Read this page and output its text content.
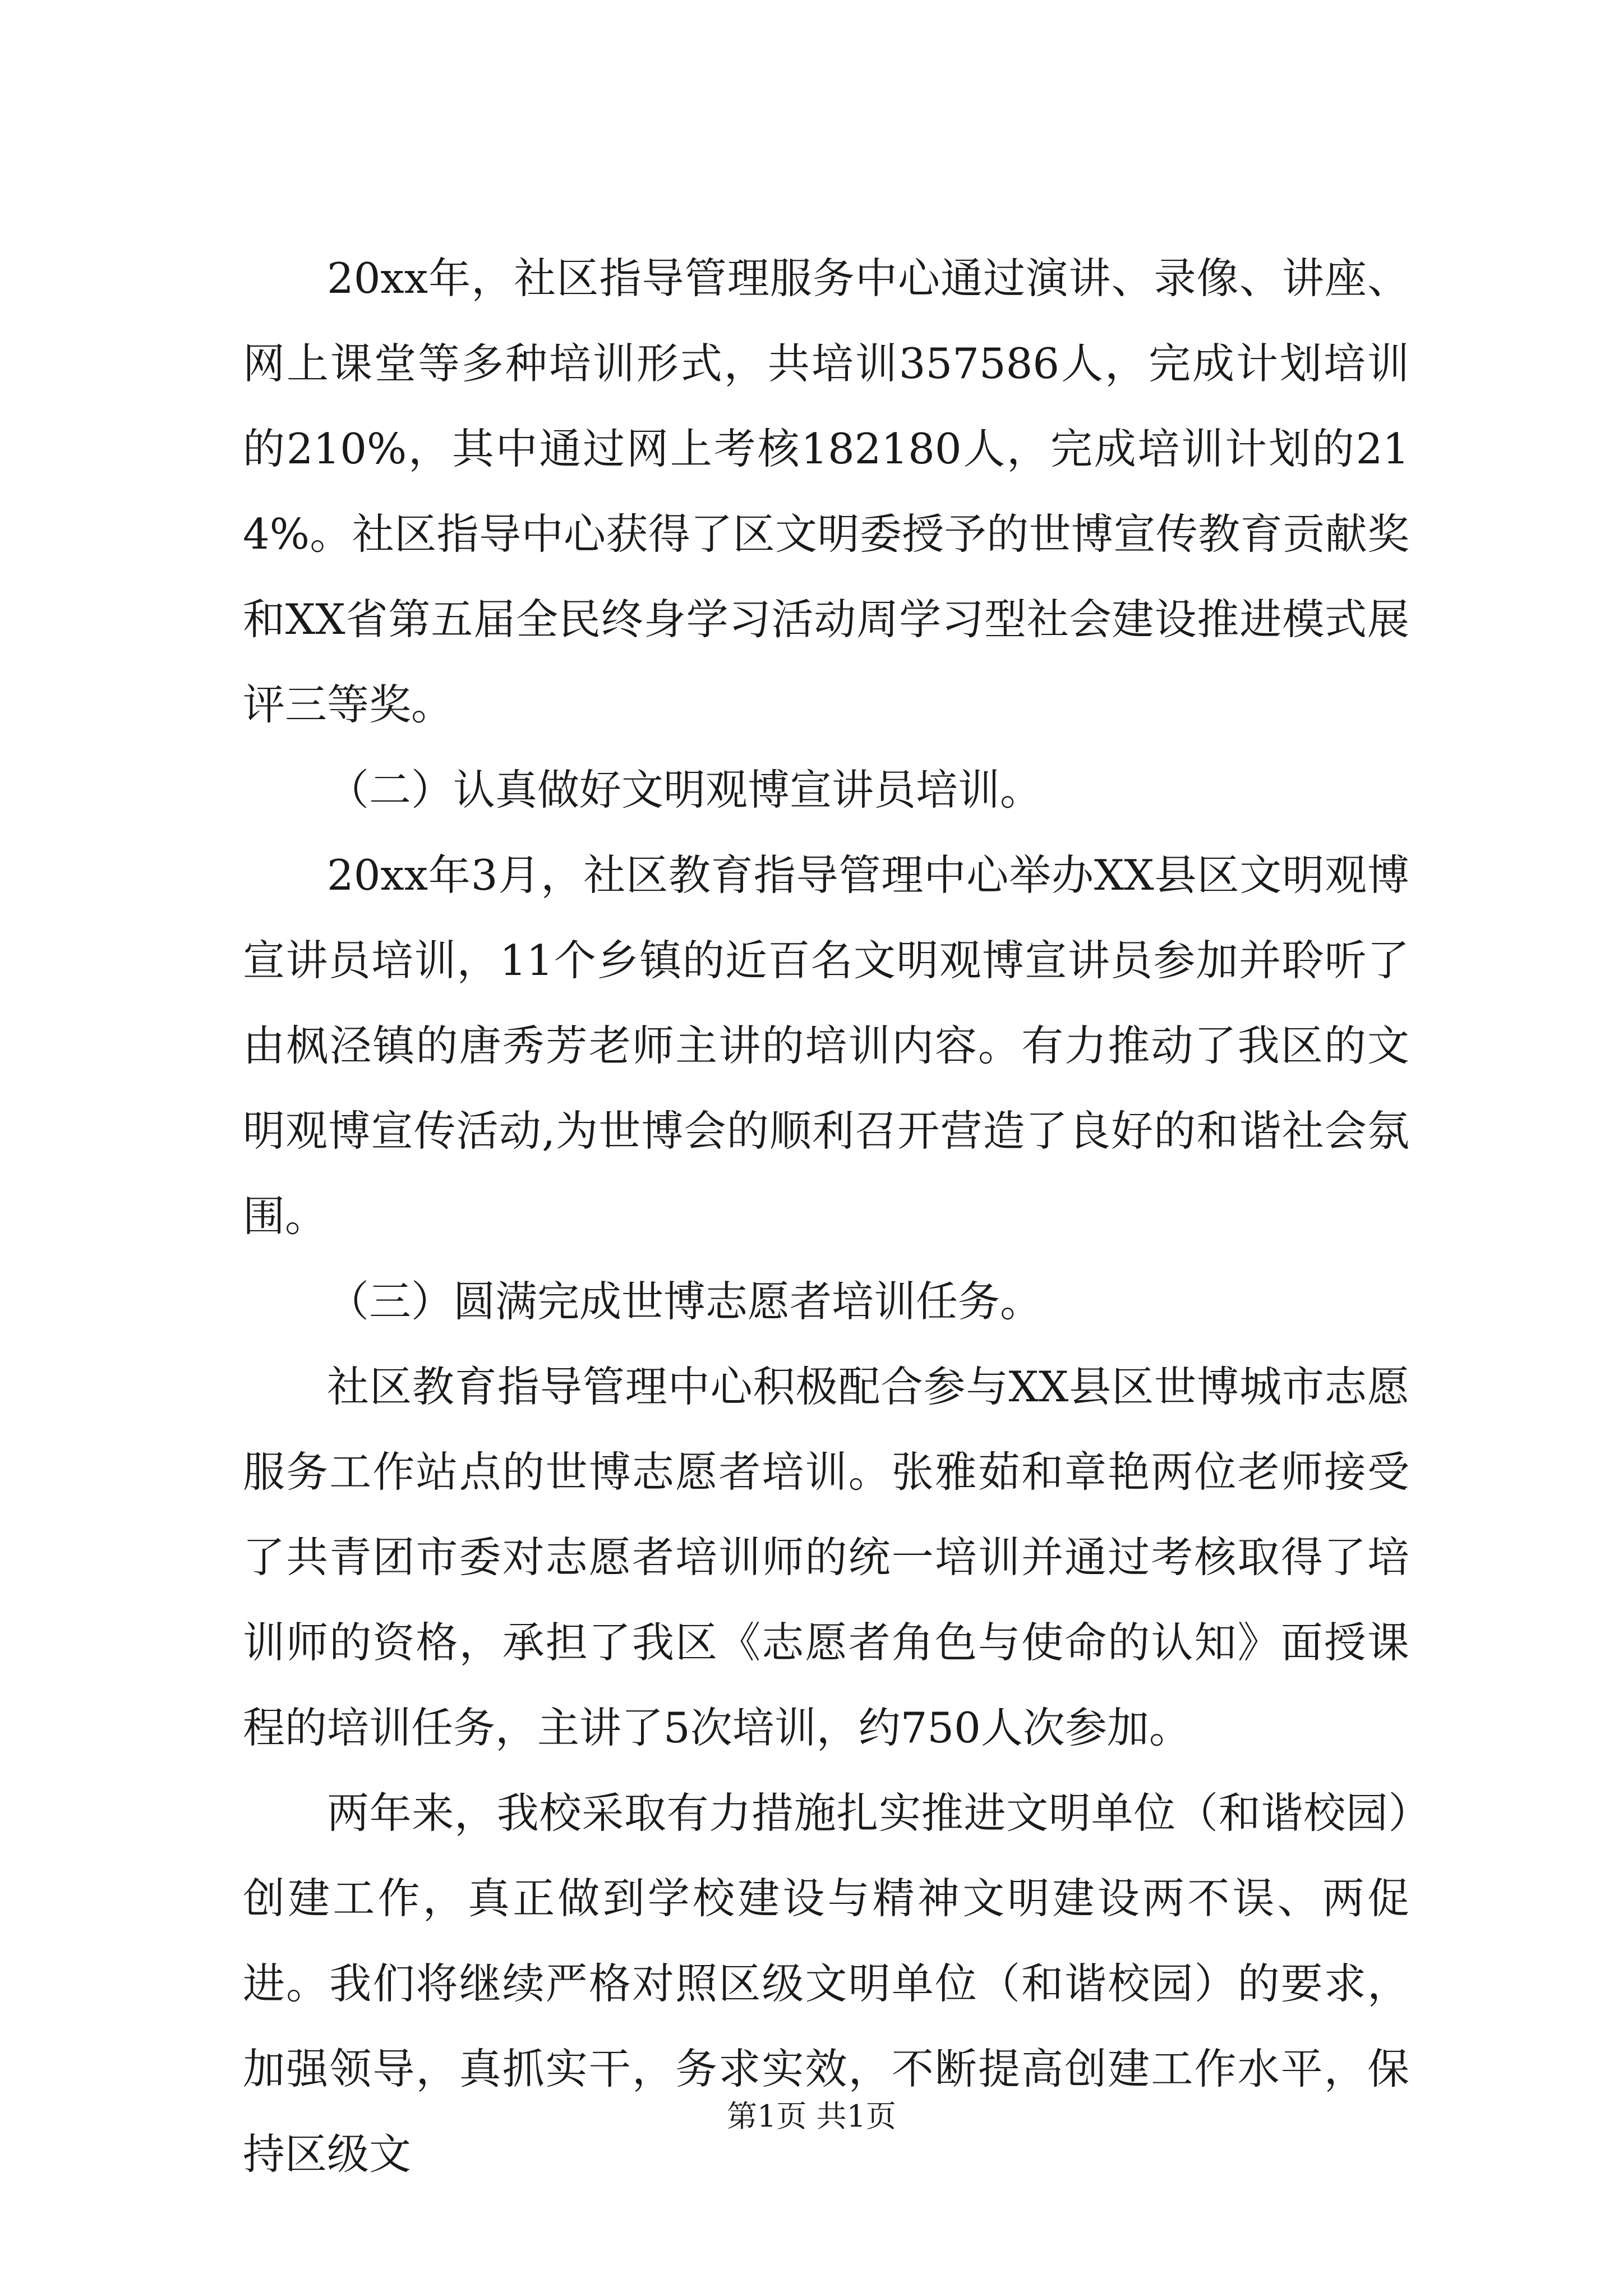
20xx年，社区指导管理服务中心通过演讲、录像、讲座、网上课堂等多种培训形式，共培训357586人，完成计划培训的210%，其中通过网上考核182180人，完成培训计划的214%。社区指导中心获得了区文明委授予的世博宣传教育贡献奖和XX省第五届全民终身学习活动周学习型社会建设推进模式展评三等奖。

（二）认真做好文明观博宣讲员培训。

20xx年3月，社区教育指导管理中心举办XX县区文明观博宣讲员培训，11个乡镇的近百名文明观博宣讲员参加并聆听了由枫泾镇的唐秀芳老师主讲的培训内容。有力推动了我区的文明观博宣传活动,为世博会的顺利召开营造了良好的和谐社会氛围。

（三）圆满完成世博志愿者培训任务。

社区教育指导管理中心积极配合参与XX县区世博城市志愿服务工作站点的世博志愿者培训。张雅茹和章艳两位老师接受了共青团市委对志愿者培训师的统一培训并通过考核取得了培训师的资格，承担了我区《志愿者角色与使命的认知》面授课程的培训任务，主讲了5次培训，约750人次参加。

两年来，我校采取有力措施扎实推进文明单位（和谐校园）创建工作，真正做到学校建设与精神文明建设两不误、两促进。我们将继续严格对照区级文明单位（和谐校园）的要求，加强领导，真抓实干，务求实效，不断提高创建工作水平，保持区级文

第1页 共1页
